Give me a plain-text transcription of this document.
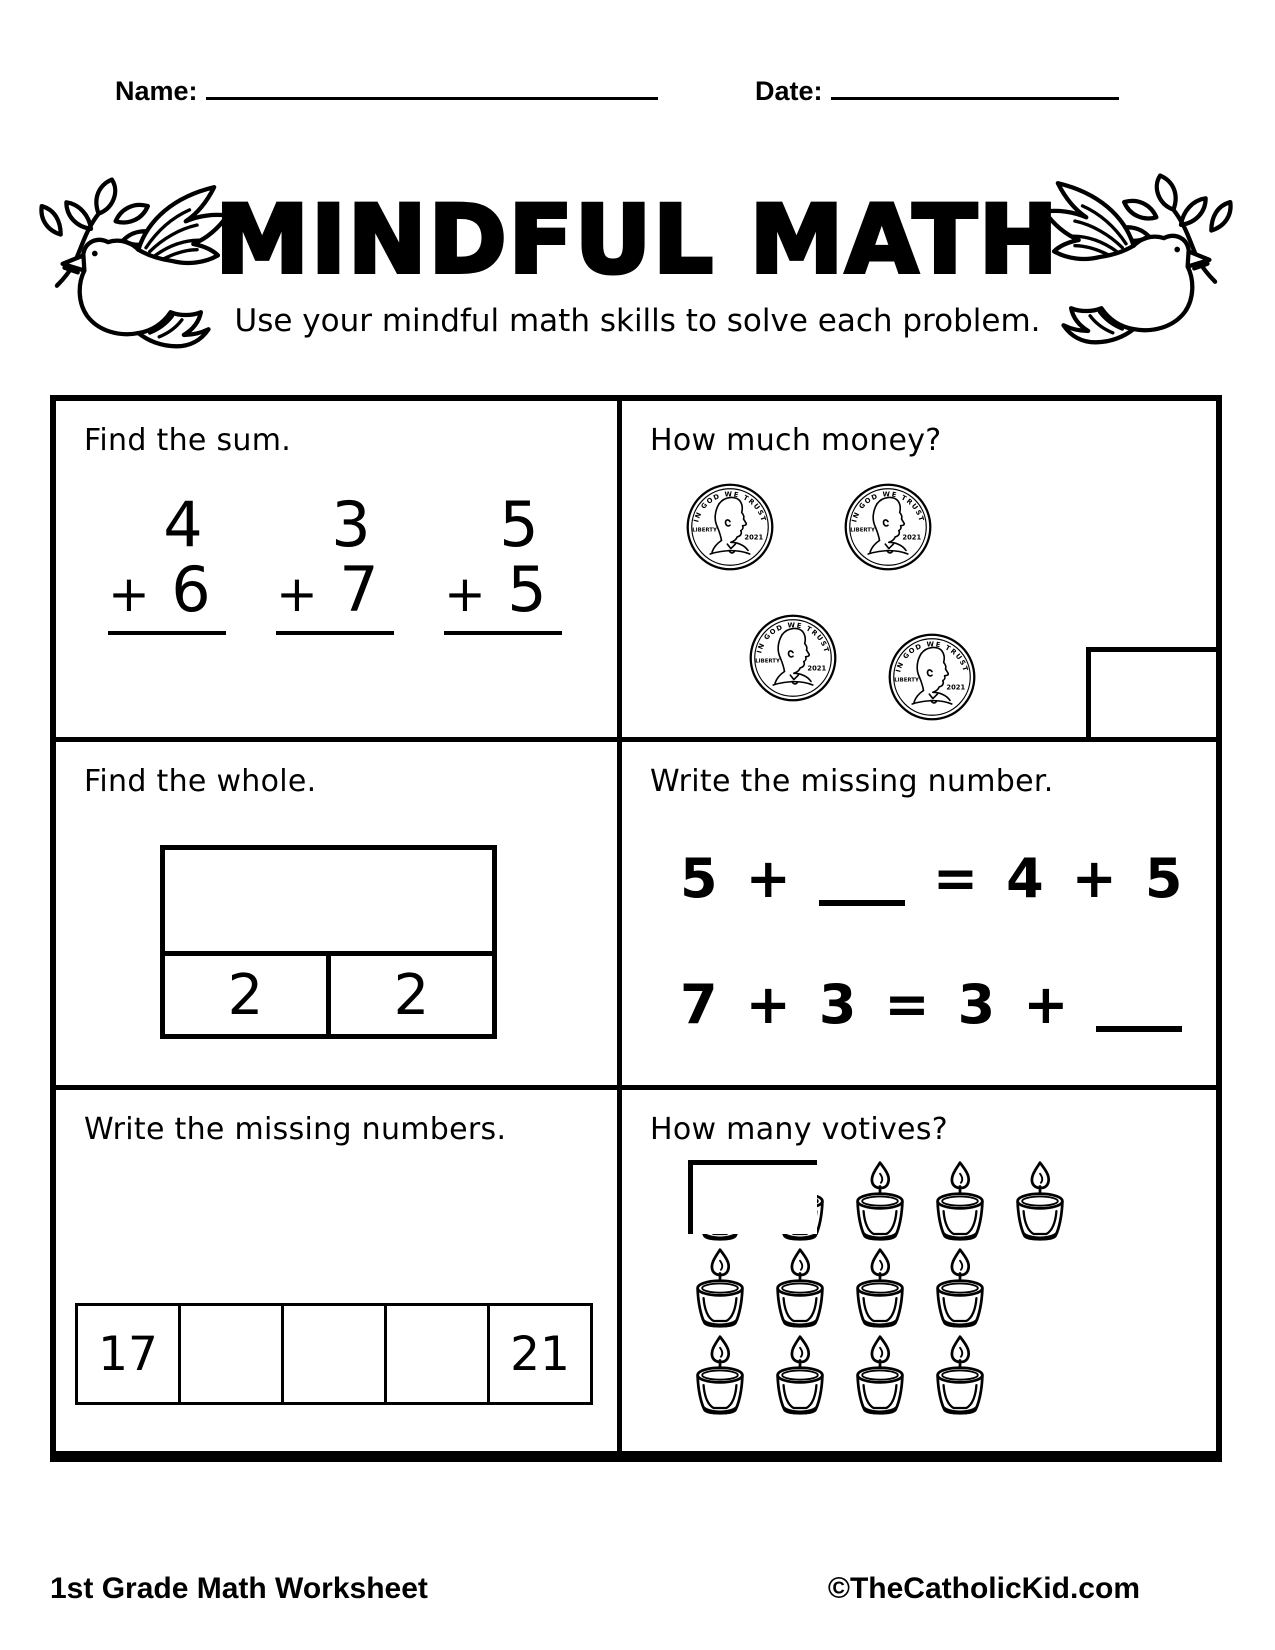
Name:	Date:
MINDFUL MATH
Use your mindful math skills to solve each problem.
Find the sum.
4
+ 6
3
+ 7
5
+ 5
How much money?
Find the whole.
2	2
Write the missing number.
5 +	= 4 + 5
7 + 3 = 3 +
Write the missing numbers.
17	21
How many votives?
1st Grade Math Worksheet	©TheCatholicKid.com
